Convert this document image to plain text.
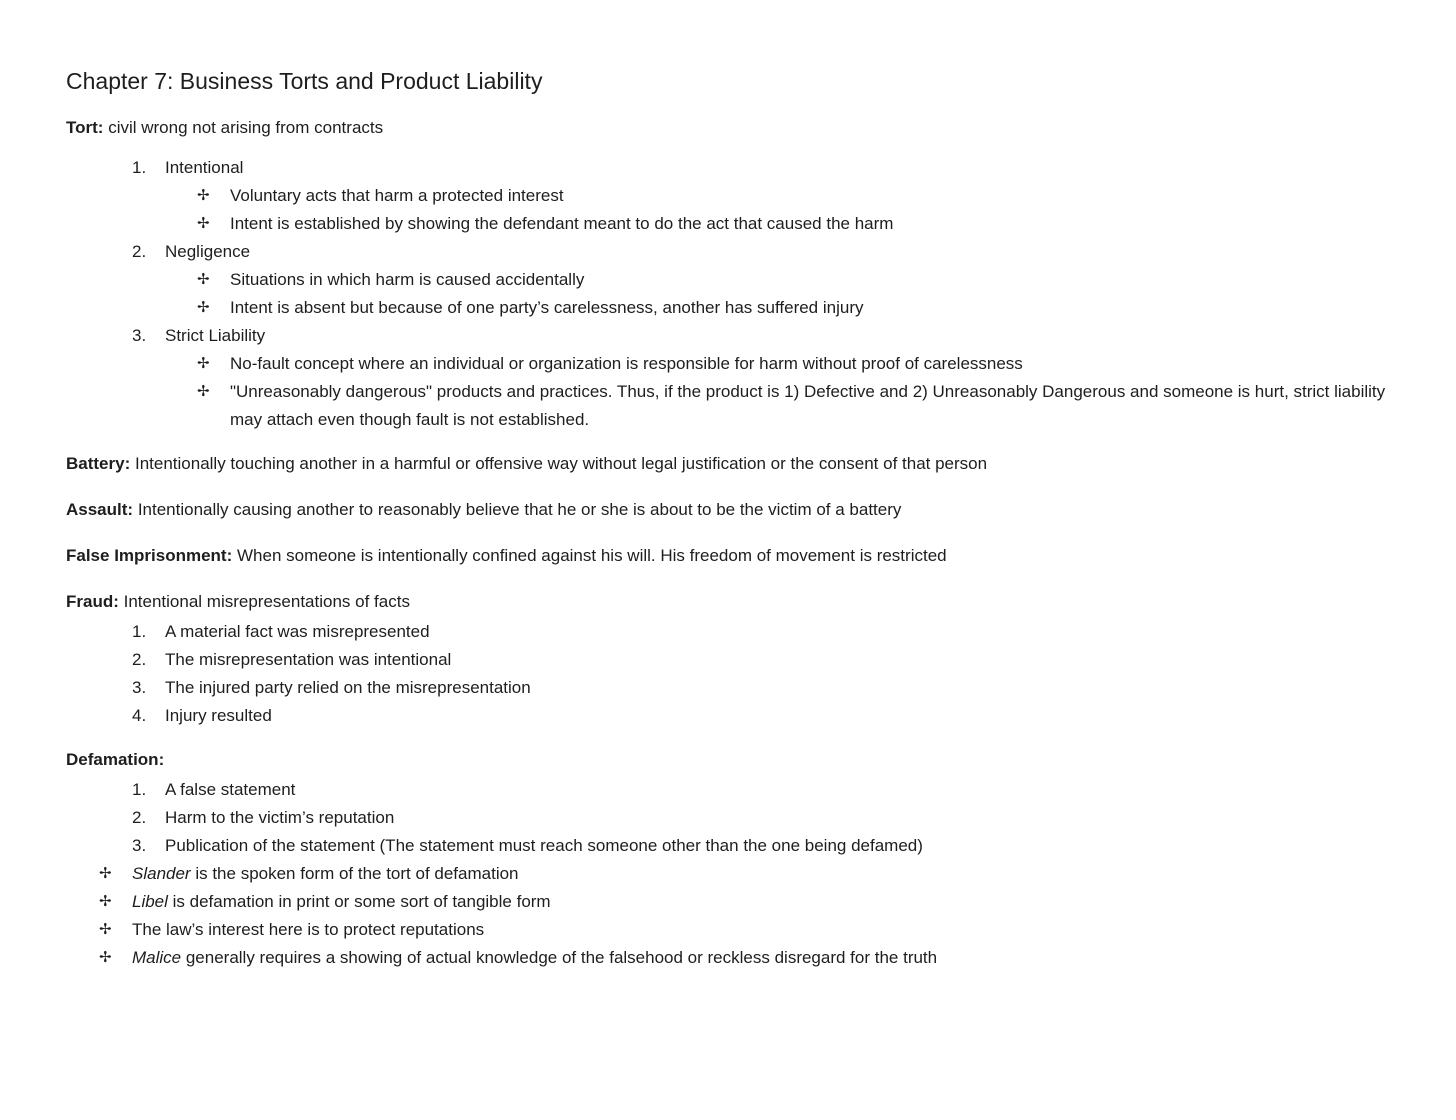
Chapter 7: Business Torts and Product Liability
Tort: civil wrong not arising from contracts
1. Intentional
✢ Voluntary acts that harm a protected interest
✢ Intent is established by showing the defendant meant to do the act that caused the harm
2. Negligence
✢ Situations in which harm is caused accidentally
✢ Intent is absent but because of one party’s carelessness, another has suffered injury
3. Strict Liability
✢ No-fault concept where an individual or organization is responsible for harm without proof of carelessness
✢ "Unreasonably dangerous" products and practices. Thus, if the product is 1) Defective and 2) Unreasonably Dangerous and someone is hurt, strict liability may attach even though fault is not established.
Battery: Intentionally touching another in a harmful or offensive way without legal justification or the consent of that person
Assault: Intentionally causing another to reasonably believe that he or she is about to be the victim of a battery
False Imprisonment: When someone is intentionally confined against his will. His freedom of movement is restricted
Fraud: Intentional misrepresentations of facts
1. A material fact was misrepresented
2. The misrepresentation was intentional
3. The injured party relied on the misrepresentation
4. Injury resulted
Defamation:
1. A false statement
2. Harm to the victim’s reputation
3. Publication of the statement (The statement must reach someone other than the one being defamed)
✢ Slander is the spoken form of the tort of defamation
✢ Libel is defamation in print or some sort of tangible form
✢ The law’s interest here is to protect reputations
✢ Malice generally requires a showing of actual knowledge of the falsehood or reckless disregard for the truth
